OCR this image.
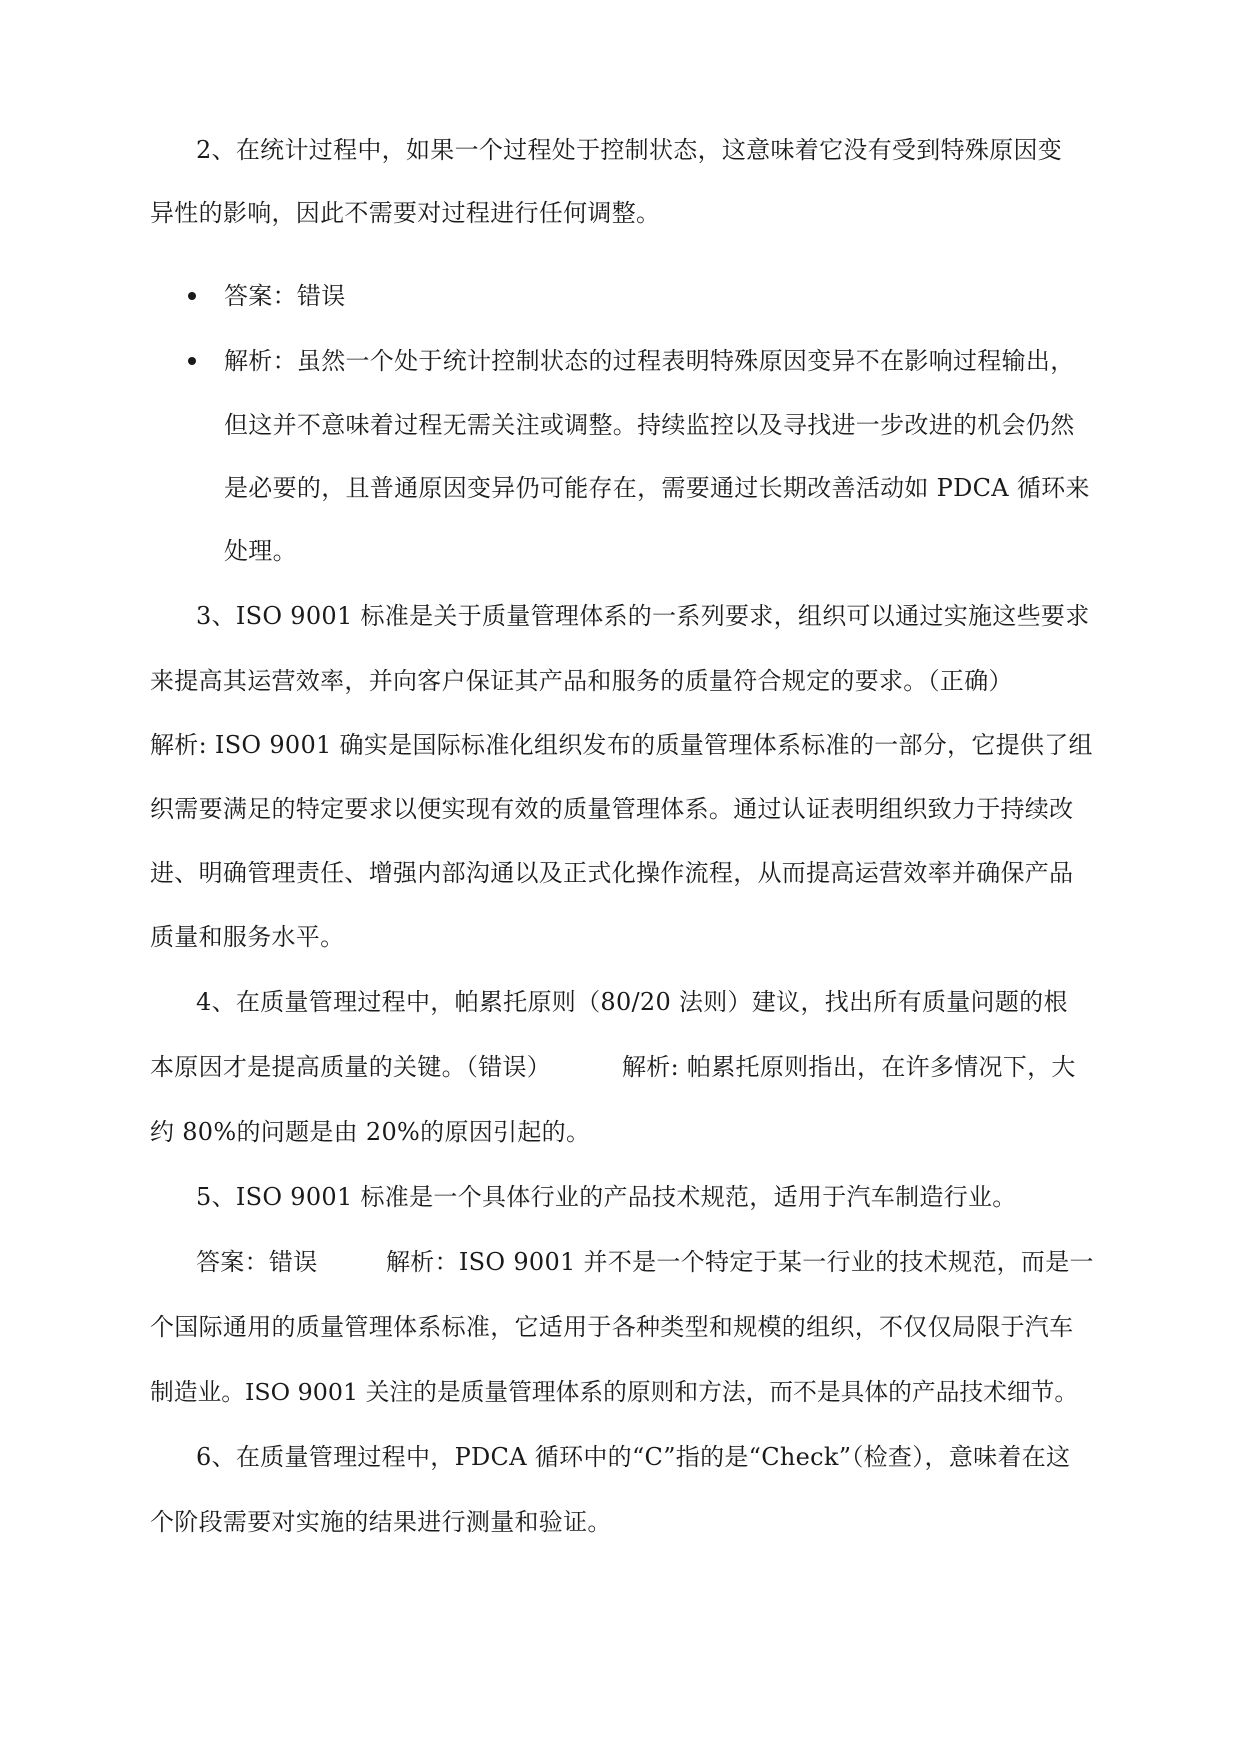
2、在统计过程中，如果一个过程处于控制状态，这意味着它没有受到特殊原因变
异性的影响，因此不需要对过程进行任何调整。
答案：错误
解析：虽然一个处于统计控制状态的过程表明特殊原因变异不在影响过程输出，
但这并不意味着过程无需关注或调整。持续监控以及寻找进一步改进的机会仍然
是必要的，且普通原因变异仍可能存在，需要通过长期改善活动如 PDCA 循环来
处理。
3、ISO 9001 标准是关于质量管理体系的一系列要求，组织可以通过实施这些要求
来提高其运营效率，并向客户保证其产品和服务的质量符合规定的要求。（正确）
解析: ISO 9001 确实是国际标准化组织发布的质量管理体系标准的一部分，它提供了组
织需要满足的特定要求以便实现有效的质量管理体系。通过认证表明组织致力于持续改
进、明确管理责任、增强内部沟通以及正式化操作流程，从而提高运营效率并确保产品
质量和服务水平。
4、在质量管理过程中，帕累托原则（80/20 法则）建议，找出所有质量问题的根
本原因才是提高质量的关键。（错误）	解析: 帕累托原则指出，在许多情况下，大
约 80%的问题是由 20%的原因引起的。
5、ISO 9001 标准是一个具体行业的产品技术规范，适用于汽车制造行业。
答案：错误	解析：ISO 9001 并不是一个特定于某一行业的技术规范，而是一
个国际通用的质量管理体系标准，它适用于各种类型和规模的组织，不仅仅局限于汽车
制造业。ISO 9001 关注的是质量管理体系的原则和方法，而不是具体的产品技术细节。
6、在质量管理过程中，PDCA 循环中的“C”指的是“Check”（检查），意味着在这
个阶段需要对实施的结果进行测量和验证。
